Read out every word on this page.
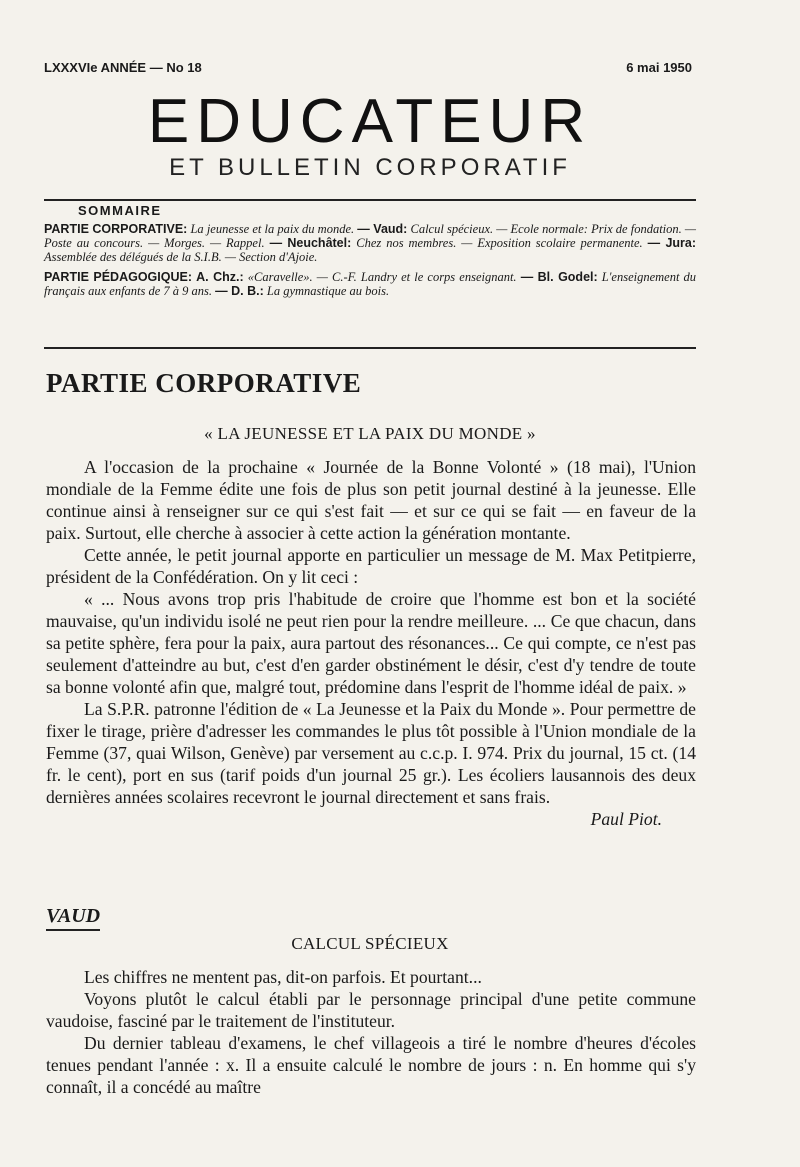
LXXXVIe ANNÉE — No 18	6 mai 1950
EDUCATEUR
ET BULLETIN CORPORATIF
SOMMAIRE
PARTIE CORPORATIVE: La jeunesse et la paix du monde. — Vaud: Calcul spécieux. — Ecole normale: Prix de fondation. — Poste au concours. — Morges. — Rappel. — Neuchâtel: Chez nos membres. — Exposition scolaire permanente. — Jura: Assemblée des délégués de la S.I.B. — Section d'Ajoie.
PARTIE PÉDAGOGIQUE: A. Chz.: «Caravelle». — C.-F. Landry et le corps enseignant. — Bl. Godel: L'enseignement du français aux enfants de 7 à 9 ans. — D. B.: La gymnastique au bois.
PARTIE CORPORATIVE
« LA JEUNESSE ET LA PAIX DU MONDE »

A l'occasion de la prochaine « Journée de la Bonne Volonté » (18 mai), l'Union mondiale de la Femme édite une fois de plus son petit journal destiné à la jeunesse. Elle continue ainsi à renseigner sur ce qui s'est fait — et sur ce qui se fait — en faveur de la paix. Surtout, elle cherche à associer à cette action la génération montante.

Cette année, le petit journal apporte en particulier un message de M. Max Petitpierre, président de la Confédération. On y lit ceci :

« ... Nous avons trop pris l'habitude de croire que l'homme est bon et la société mauvaise, qu'un individu isolé ne peut rien pour la rendre meilleure. ... Ce que chacun, dans sa petite sphère, fera pour la paix, aura partout des résonances... Ce qui compte, ce n'est pas seulement d'atteindre au but, c'est d'en garder obstinément le désir, c'est d'y tendre de toute sa bonne volonté afin que, malgré tout, prédomine dans l'esprit de l'homme idéal de paix. »

La S.P.R. patronne l'édition de « La Jeunesse et la Paix du Monde ». Pour permettre de fixer le tirage, prière d'adresser les commandes le plus tôt possible à l'Union mondiale de la Femme (37, quai Wilson, Genève) par versement au c.c.p. I. 974. Prix du journal, 15 ct. (14 fr. le cent), port en sus (tarif poids d'un journal 25 gr.). Les écoliers lausannois des deux dernières années scolaires recevront le journal directement et sans frais.

Paul Piot.
VAUD
CALCUL SPÉCIEUX

Les chiffres ne mentent pas, dit-on parfois. Et pourtant...

Voyons plutôt le calcul établi par le personnage principal d'une petite commune vaudoise, fasciné par le traitement de l'instituteur.

Du dernier tableau d'examens, le chef villageois a tiré le nombre d'heures d'écoles tenues pendant l'année : x. Il a ensuite calculé le nombre de jours : n. En homme qui s'y connaît, il a concédé au maître
